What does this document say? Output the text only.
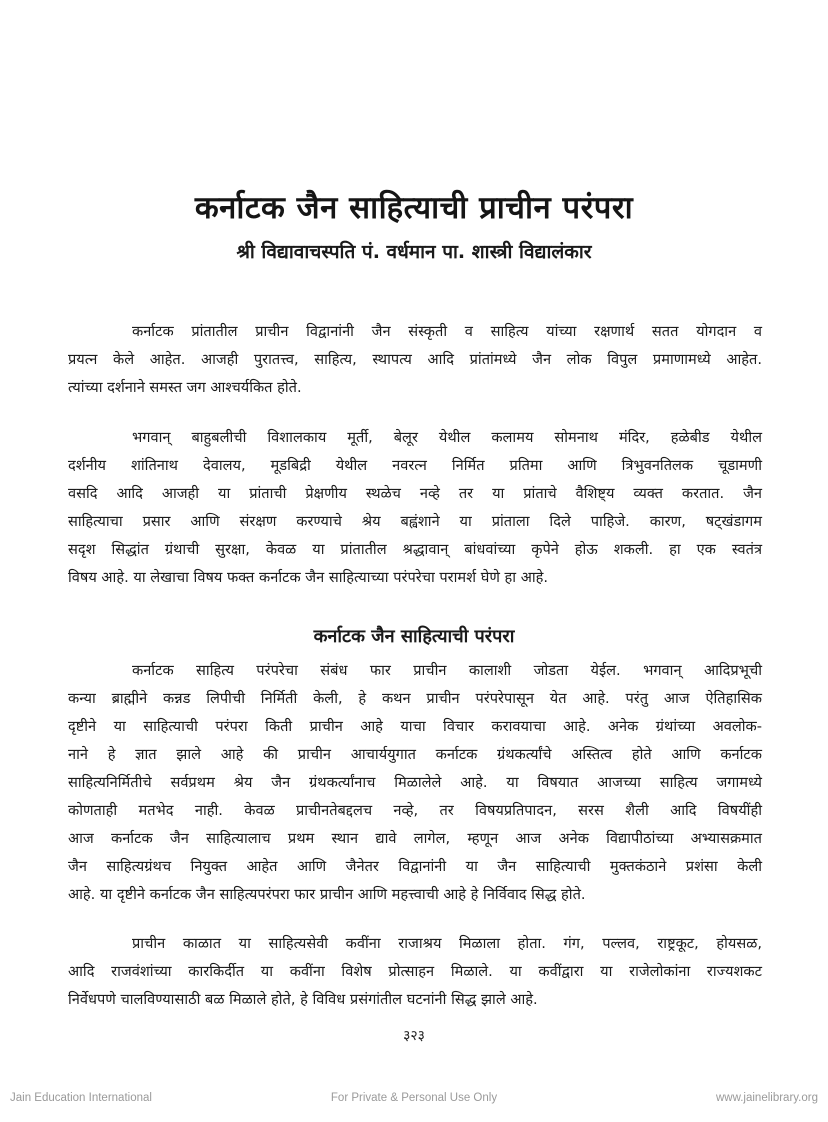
कर्नाटक जैन साहित्याची प्राचीन परंपरा
श्री विद्यावाचस्पति पं. वर्धमान पा. शास्त्री विद्यालंकार
कर्नाटक प्रांतातील प्राचीन विद्वानांनी जैन संस्कृती व साहित्य यांच्या रक्षणार्थ सतत योगदान व
प्रयत्न केले आहेत. आजही पुरातत्त्व, साहित्य, स्थापत्य आदि प्रांतांमध्ये जैन लोक विपुल प्रमाणामध्ये आहेत.
त्यांच्या दर्शनाने समस्त जग आश्चर्यकित होते.
भगवान् बाहुबलीची विशालकाय मूर्ती, बेलूर येथील कलामय सोमनाथ मंदिर, हळेबीड येथील
दर्शनीय शांतिनाथ देवालय, मूडबिद्री येथील नवरत्न निर्मित प्रतिमा आणि त्रिभुवनतिलक चूडामणी
वसदि आदि आजही या प्रांताची प्रेक्षणीय स्थळेच नव्हे तर या प्रांताचे वैशिष्ट्य व्यक्त करतात. जैन
साहित्याचा प्रसार आणि संरक्षण करण्याचे श्रेय बह्वंशाने या प्रांताला दिले पाहिजे. कारण, षट्खंडागम
सदृश सिद्धांत ग्रंथाची सुरक्षा, केवळ या प्रांतातील श्रद्धावान् बांधवांच्या कृपेने होऊ शकली. हा एक स्वतंत्र
विषय आहे. या लेखाचा विषय फक्त कर्नाटक जैन साहित्याच्या परंपरेचा परामर्श घेणे हा आहे.
कर्नाटक जैन साहित्याची परंपरा
कर्नाटक साहित्य परंपरेचा संबंध फार प्राचीन कालाशी जोडता येईल. भगवान् आदिप्रभूची
कन्या ब्राह्मीने कन्नड लिपीची निर्मिती केली, हे कथन प्राचीन परंपरेपासून येत आहे. परंतु आज ऐतिहासिक
दृष्टीने या साहित्याची परंपरा किती प्राचीन आहे याचा विचार करावयाचा आहे. अनेक ग्रंथांच्या अवलोक-
नाने हे ज्ञात झाले आहे की प्राचीन आचार्ययुगात कर्नाटक ग्रंथकर्त्यांचे अस्तित्व होते आणि कर्नाटक
साहित्यनिर्मितीचे सर्वप्रथम श्रेय जैन ग्रंथकर्त्यांनाच मिळालेले आहे. या विषयात आजच्या साहित्य जगामध्ये
कोणताही मतभेद नाही. केवळ प्राचीनतेबद्दलच नव्हे, तर विषयप्रतिपादन, सरस शैली आदि विषयींही
आज कर्नाटक जैन साहित्यालाच प्रथम स्थान द्यावे लागेल, म्हणून आज अनेक विद्यापीठांच्या अभ्यासक्रमात
जैन साहित्यग्रंथच नियुक्त आहेत आणि जैनेतर विद्वानांनी या जैन साहित्याची मुक्तकंठाने प्रशंसा केली
आहे. या दृष्टीने कर्नाटक जैन साहित्यपरंपरा फार प्राचीन आणि महत्त्वाची आहे हे निर्विवाद सिद्ध होते.
प्राचीन काळात या साहित्यसेवी कवींना राजाश्रय मिळाला होता. गंग, पल्लव, राष्ट्रकूट, होयसळ,
आदि राजवंशांच्या कारकिर्दीत या कवींना विशेष प्रोत्साहन मिळाले. या कवींद्वारा या राजेलोकांना राज्यशकट
निर्वेधपणे चालविण्यासाठी बळ मिळाले होते, हे विविध प्रसंगांतील घटनांनी सिद्ध झाले आहे.
३२३
Jain Education International	For Private & Personal Use Only	www.jainelibrary.org
